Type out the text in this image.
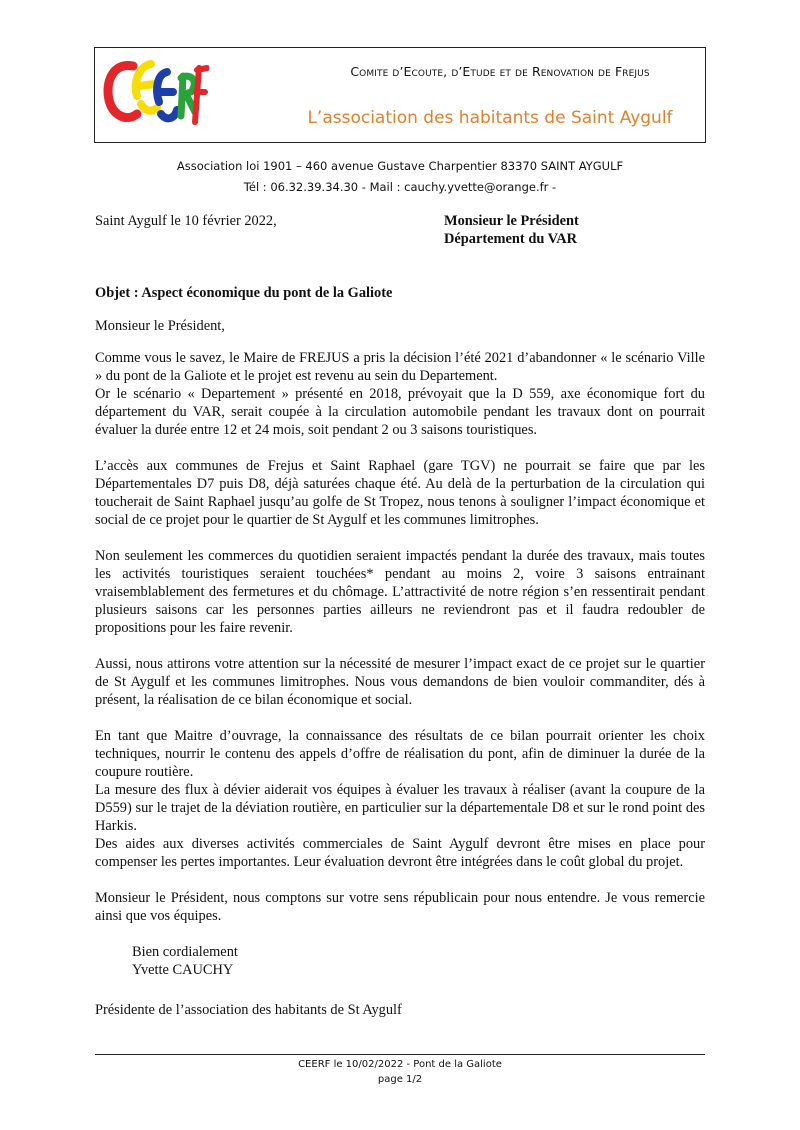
Comite d’Ecoute, d’Etude et de Renovation de Frejus
L’association des habitants de Saint Aygulf
Association loi 1901 – 460 avenue Gustave Charpentier 83370 SAINT AYGULF
Tél : 06.32.39.34.30 - Mail : cauchy.yvette@orange.fr -
Saint Aygulf le 10 février 2022,	Monsieur le Président
Département du VAR
Objet : Aspect économique du pont de la Galiote
Monsieur le Président,

Comme vous le savez, le Maire de FREJUS a pris la décision l’été 2021 d’abandonner « le scénario Ville » du pont de la Galiote et le projet est revenu au sein du Departement.
Or le scénario « Departement » présenté en 2018, prévoyait que la D 559, axe économique fort du département du VAR, serait coupée à la circulation automobile pendant les travaux dont on pourrait évaluer la durée entre 12 et 24 mois, soit pendant 2 ou 3 saisons touristiques.

L’accès aux communes de Frejus et Saint Raphael (gare TGV) ne pourrait se faire que par les Départementales D7 puis D8, déjà saturées chaque été. Au delà de la perturbation de la circulation qui toucherait de Saint Raphael jusqu’au golfe de St Tropez, nous tenons à souligner l’impact économique et social de ce projet pour le quartier de St Aygulf et les communes limitrophes.

Non seulement les commerces du quotidien seraient impactés pendant la durée des travaux, mais toutes les activités touristiques seraient touchées* pendant au moins 2, voire 3 saisons entrainant vraisemblablement des fermetures et du chômage. L’attractivité de notre région s’en ressentirait pendant plusieurs saisons car les personnes parties ailleurs ne reviendront pas et il faudra redoubler de propositions pour les faire revenir.

Aussi, nous attirons votre attention sur la nécessité de mesurer l’impact exact de ce projet sur le quartier de St Aygulf et les communes limitrophes. Nous vous demandons de bien vouloir commanditer, dés à présent, la réalisation de ce bilan économique et social.

En tant que Maitre d’ouvrage, la connaissance des résultats de ce bilan pourrait orienter les choix techniques, nourrir le contenu des appels d’offre de réalisation du pont, afin de diminuer la durée de la coupure routière.
La mesure des flux à dévier aiderait vos équipes à évaluer les travaux à réaliser (avant la coupure de la D559) sur le trajet de la déviation routière, en particulier sur la départementale D8 et sur le rond point des Harkis.
Des aides aux diverses activités commerciales de Saint Aygulf devront être mises en place pour compenser les pertes importantes. Leur évaluation devront être intégrées dans le coût global du projet.

Monsieur le Président, nous comptons sur votre sens républicain pour nous entendre. Je vous remercie ainsi que vos équipes.

Bien cordialement
Yvette CAUCHY

Présidente de l’association des habitants de St Aygulf
CEERF le 10/02/2022 - Pont de la Galiote
page 1/2
